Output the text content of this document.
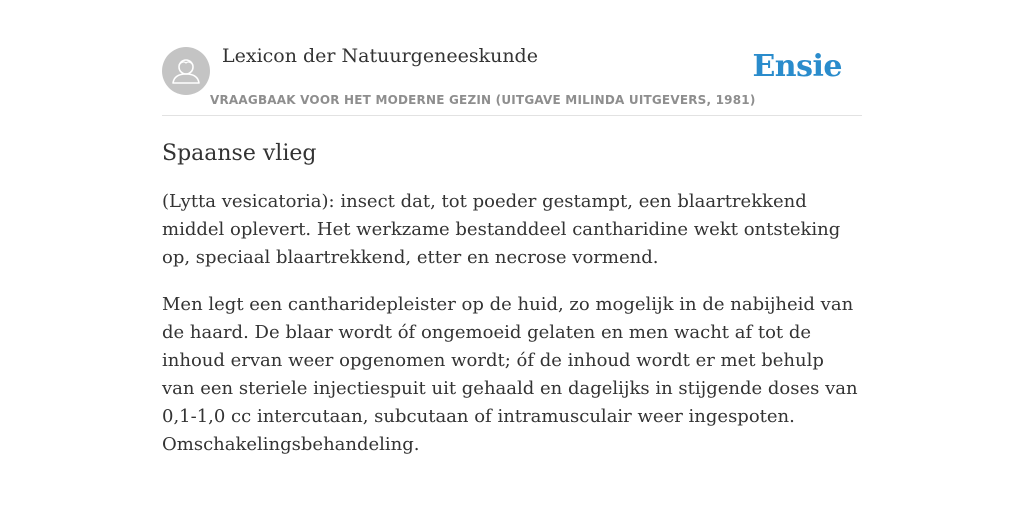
Lexicon der Natuurgeneeskunde
VRAAGBAAK VOOR HET MODERNE GEZIN (UITGAVE MILINDA UITGEVERS, 1981)
Ensie
Spaanse vlieg

(Lytta vesicatoria): insect dat, tot poeder gestampt, een blaartrekkend middel oplevert. Het werkzame bestanddeel cantharidine wekt ontsteking op, speciaal blaartrekkend, etter en necrose vormend.

Men legt een cantharidepleister op de huid, zo mogelijk in de nabijheid van de haard. De blaar wordt óf ongemoeid gelaten en men wacht af tot de inhoud ervan weer opgenomen wordt; óf de inhoud wordt er met behulp van een steriele injectiespuit uit gehaald en dagelijks in stijgende doses van 0,1-1,0 cc intercutaan, subcutaan of intramusculair weer ingespoten. Omschakelingsbehandeling.
